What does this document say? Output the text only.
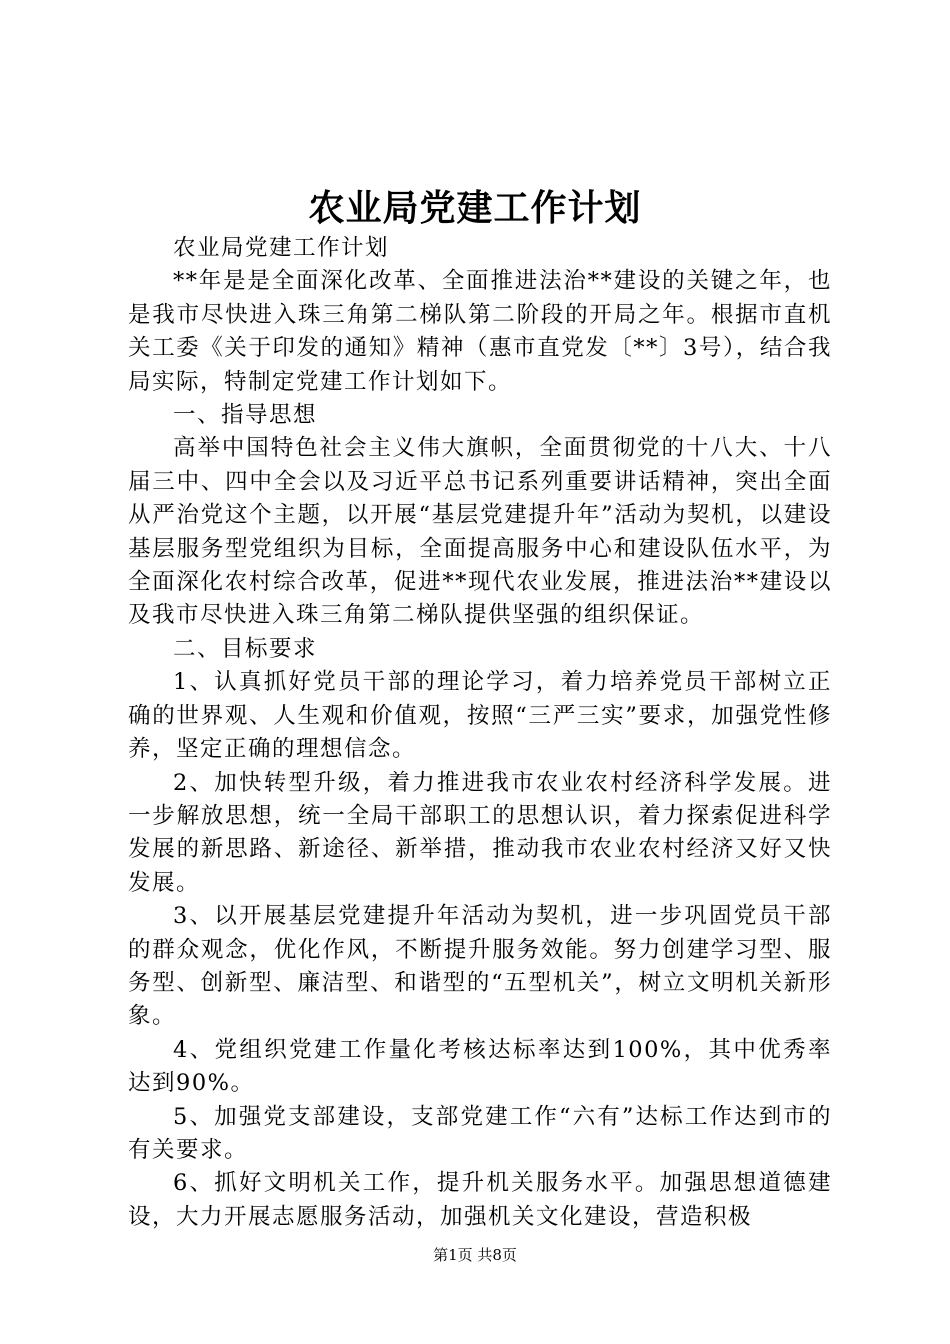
农业局党建工作计划

农业局党建工作计划

**年是是全面深化改革、全面推进法治**建设的关键之年，也是我市尽快进入珠三角第二梯队第二阶段的开局之年。根据市直机关工委《关于印发的通知》精神（惠市直党发〔**〕3号），结合我局实际，特制定党建工作计划如下。

一、指导思想

高举中国特色社会主义伟大旗帜，全面贯彻党的十八大、十八届三中、四中全会以及习近平总书记系列重要讲话精神，突出全面从严治党这个主题，以开展“基层党建提升年”活动为契机，以建设基层服务型党组织为目标，全面提高服务中心和建设队伍水平，为全面深化农村综合改革，促进**现代农业发展，推进法治**建设以及我市尽快进入珠三角第二梯队提供坚强的组织保证。

二、目标要求

1、认真抓好党员干部的理论学习，着力培养党员干部树立正确的世界观、人生观和价值观，按照“三严三实”要求，加强党性修养，坚定正确的理想信念。

2、加快转型升级，着力推进我市农业农村经济科学发展。进一步解放思想，统一全局干部职工的思想认识，着力探索促进科学发展的新思路、新途径、新举措，推动我市农业农村经济又好又快发展。

3、以开展基层党建提升年活动为契机，进一步巩固党员干部的群众观念，优化作风，不断提升服务效能。努力创建学习型、服务型、创新型、廉洁型、和谐型的“五型机关”，树立文明机关新形象。

4、党组织党建工作量化考核达标率达到100%，其中优秀率达到90%。

5、加强党支部建设，支部党建工作“六有”达标工作达到市的有关要求。

6、抓好文明机关工作，提升机关服务水平。加强思想道德建设，大力开展志愿服务活动，加强机关文化建设，营造积极

第1页 共8页
